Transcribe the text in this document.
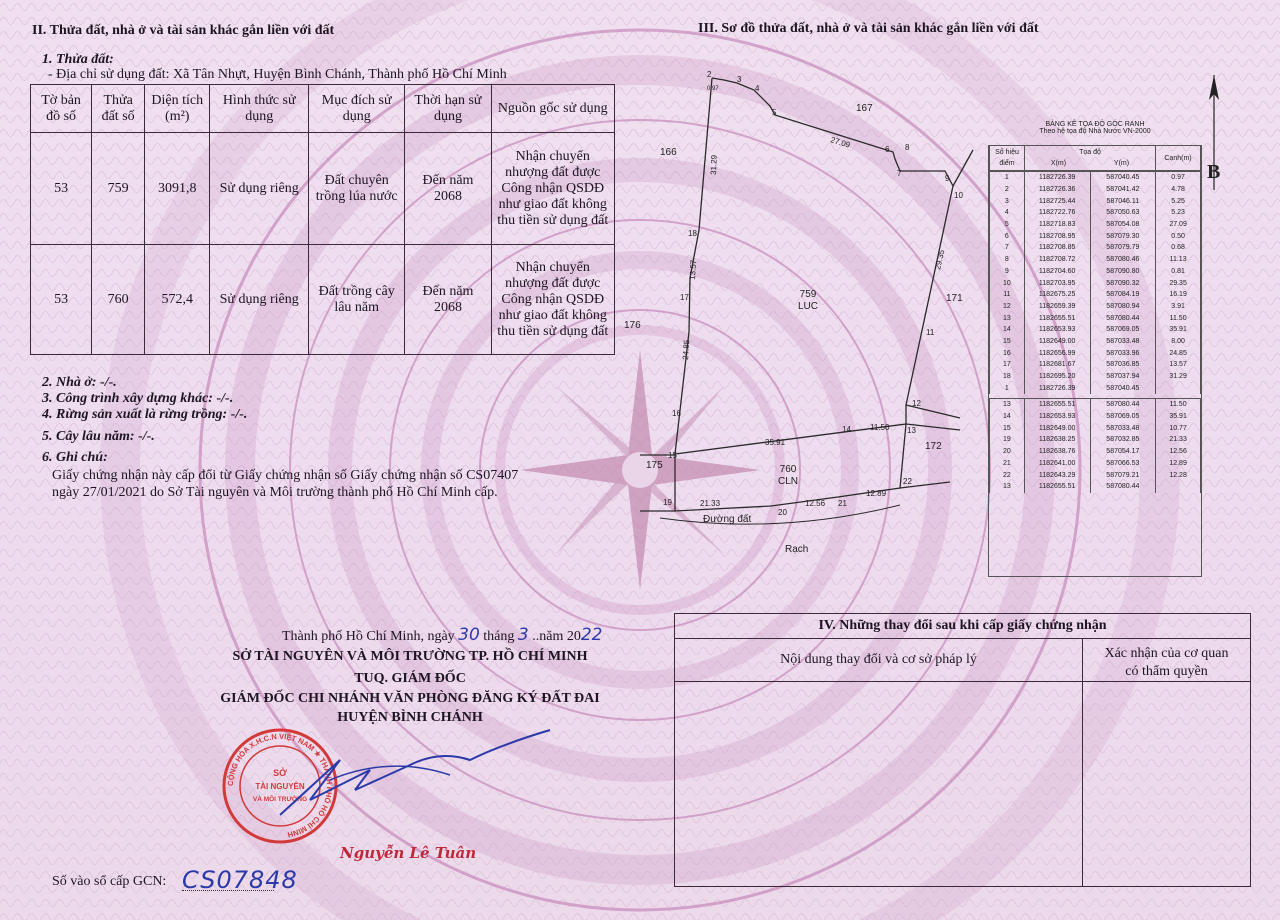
II. Thửa đất, nhà ở và tài sản khác gắn liền với đất
1. Thửa đất:
- Địa chỉ sử dụng đất: Xã Tân Nhựt, Huyện Bình Chánh, Thành phố Hồ Chí Minh
Tờ bản đồ số	Thửa đất số	Diện tích (m²)	Hình thức sử dụng	Mục đích sử dụng	Thời hạn sử dụng	Nguồn gốc sử dụng
53	759	3091,8	Sử dụng riêng	Đất chuyên trồng lúa nước	Đến năm 2068	Nhận chuyển nhượng đất được Công nhận QSDĐ như giao đất không thu tiền sử dụng đất
53	760	572,4	Sử dụng riêng	Đất trồng cây lâu năm	Đến năm 2068	Nhận chuyển nhượng đất được Công nhận QSDĐ như giao đất không thu tiền sử dụng đất
2. Nhà ở: -/-.
3. Công trình xây dựng khác: -/-.
4. Rừng sản xuất là rừng trồng: -/-.
5. Cây lâu năm: -/-.
6. Ghi chú:
Giấy chứng nhận này cấp đổi từ Giấy chứng nhận số Giấy chứng nhận số CS07407
ngày 27/01/2021 do Sở Tài nguyên và Môi trường thành phố Hồ Chí Minh cấp.
III. Sơ đồ thửa đất, nhà ở và tài sản khác gắn liền với đất
2
0.97
3
4
5
6 8
7
9
10
11
12
13
14
15
16
17
18
19
20
21
22
31.29
27.09
29.35
13.57
24.85
35.91
11.50
21.33	12.56
12.89
759
LUC
760
CLN
167
166
176
171
175
172
Đường đất
Rạch
B
BẢNG KÊ TỌA ĐỘ GÓC RANH
Theo hệ tọa độ Nhà Nước VN-2000
Số hiệu điểm	
Tọa độ
X(m)	Y(m)
	Cạnh(m)
1	1182726.39	587040.45	0.97
2	1182726.36	587041.42	4.78
3	1182725.44	587046.11	5.25
4	1182722.76	587050.63	5.23
5	1182718.83	587054.08	27.09
6	1182708.95	587079.30	0.50
7	1182708.85	587079.79	0.68
8	1182708.72	587080.46	11.13
9	1182704.60	587090.80	0.81
10	1182703.95	587090.32	29.35
11	1182675.25	587084.19	16.19
12	1182659.39	587080.94	3.91
13	1182655.51	587080.44	11.50
14	1182653.93	587069.05	35.91
15	1182649.00	587033.48	8.00
16	1182656.99	587033.96	24.85
17	1182681.67	587036.85	13.57
18	1182695.20	587037.94	31.29
1	1182726.39	587040.45	
13	1182655.51	587080.44	11.50
14	1182653.93	587069.05	35.91
15	1182649.00	587033.48	10.77
19	1182638.25	587032.85	21.33
20	1182638.76	587054.17	12.56
21	1182641.00	587066.53	12.89
22	1182643.29	587079.21	12.28
13	1182655.51	587080.44	
Thành phố Hồ Chí Minh, ngày 30 tháng 3 ..năm 2022
SỞ TÀI NGUYÊN VÀ MÔI TRƯỜNG TP. HỒ CHÍ MINH
TUQ. GIÁM ĐỐC
GIÁM ĐỐC CHI NHÁNH VĂN PHÒNG ĐĂNG KÝ ĐẤT ĐAI
HUYỆN BÌNH CHÁNH
CỘNG HÒA X.H.C.N VIỆT NAM ★ THÀNH PHỐ HỒ CHÍ MINH
SỞ
TÀI NGUYÊN
VÀ MÔI TRƯỜNG
Nguyễn Lê Tuân
Số vào sổ cấp GCN: CS07848
IV. Những thay đổi sau khi cấp giấy chứng nhận
Nội dung thay đổi và cơ sở pháp lý	Xác nhận của cơ quan
có thẩm quyền
